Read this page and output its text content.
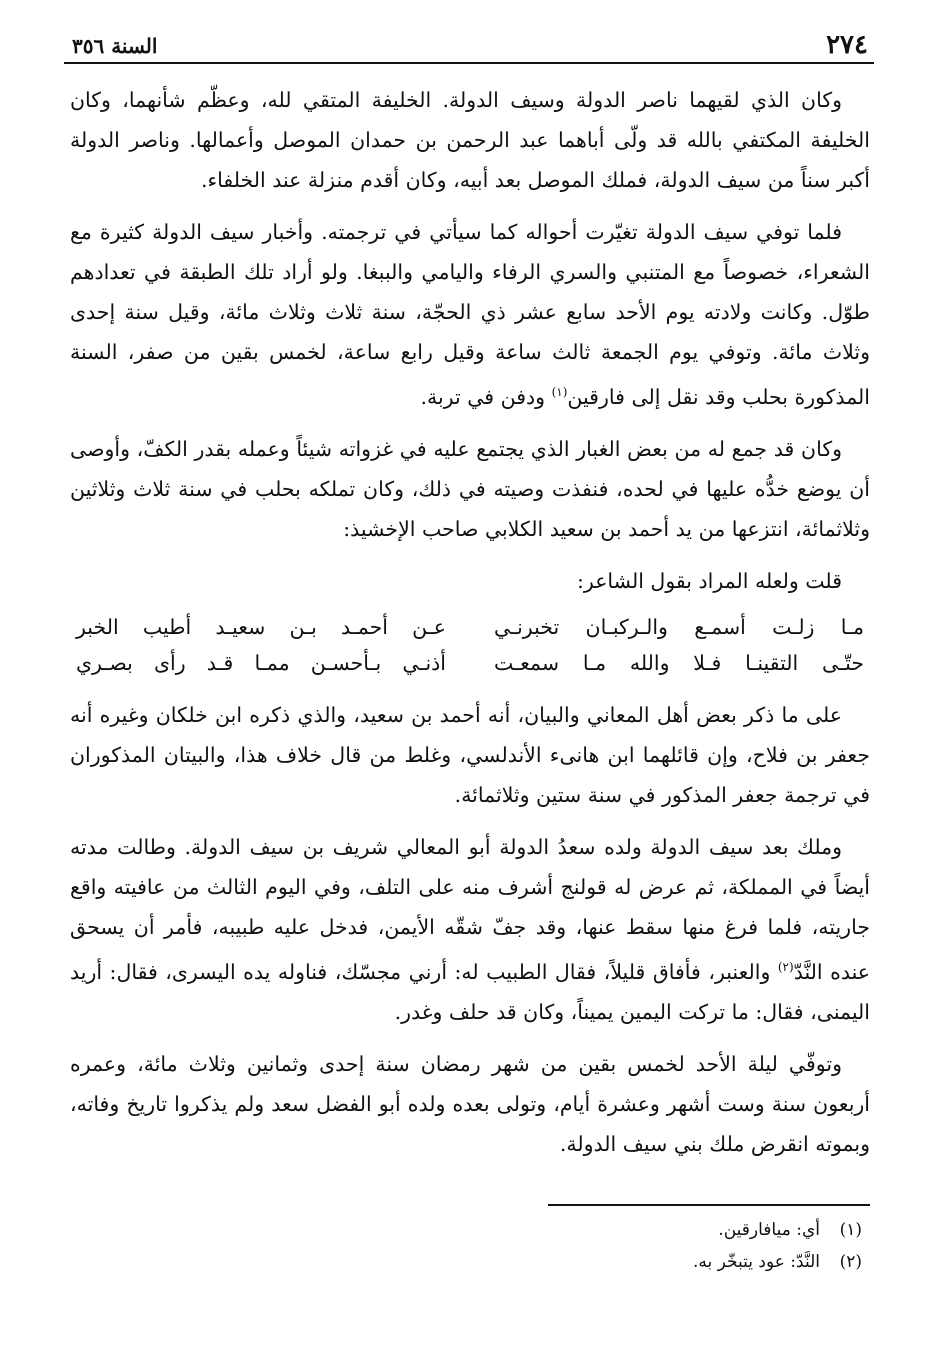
٢٧٤
السنة ٣٥٦

وكان الذي لقيهما ناصر الدولة وسيف الدولة. الخليفة المتقي لله، وعظّم شأنهما، وكان الخليفة المكتفي بالله قد ولّى أباهما عبد الرحمن بن حمدان الموصل وأعمالها. وناصر الدولة أكبر سناً من سيف الدولة، فملك الموصل بعد أبيه، وكان أقدم منزلة عند الخلفاء.

فلما توفي سيف الدولة تغيّرت أحواله كما سيأتي في ترجمته. وأخبار سيف الدولة كثيرة مع الشعراء، خصوصاً مع المتنبي والسري الرفاء واليامي والببغا. ولو أراد تلك الطبقة في تعدادهم طوّل. وكانت ولادته يوم الأحد سابع عشر ذي الحجّة، سنة ثلاث وثلاث مائة، وقيل سنة إحدى وثلاث مائة. وتوفي يوم الجمعة ثالث ساعة وقيل رابع ساعة، لخمس بقين من صفر، السنة المذكورة بحلب وقد نقل إلى فارقين$^{(١)}$ ودفن في تربة.

وكان قد جمع له من بعض الغبار الذي يجتمع عليه في غزواته شيئاً وعمله بقدر الكفّ، وأوصى أن يوضع خدُّه عليها في لحده، فنفذت وصيته في ذلك، وكان تملكه بحلب في سنة ثلاث وثلاثين وثلاثمائة، انتزعها من يد أحمد بن سعيد الكلابي صاحب الإخشيذ:

قلت ولعله المراد بقول الشاعر:

مـا زلـت أسمـع والـركبـان تخبرنـي
عـن أحمـد بـن سعيـد أطيب الخبر
حتّـى التقينـا فـلا والله مـا سمعـت
أذنـي بـأحسـن ممـا قـد رأى بصـري

على ما ذكر بعض أهل المعاني والبيان، أنه أحمد بن سعيد، والذي ذكره ابن خلكان وغيره أنه جعفر بن فلاح، وإن قائلهما ابن هانىء الأندلسي، وغلط من قال خلاف هذا، والبيتان المذكوران في ترجمة جعفر المذكور في سنة ستين وثلاثمائة.

وملك بعد سيف الدولة ولده سعدُ الدولة أبو المعالي شريف بن سيف الدولة. وطالت مدته أيضاً في المملكة، ثم عرض له قولنج أشرف منه على التلف، وفي اليوم الثالث من عافيته واقع جاريته، فلما فرغ منها سقط عنها، وقد جفّ شقّه الأيمن، فدخل عليه طبيبه، فأمر أن يسحق عنده النَّدّ$^{(٢)}$ والعنبر، فأفاق قليلاً، فقال الطبيب له: أرني مجسّك، فناوله يده اليسرى، فقال: أريد اليمنى، فقال: ما تركت اليمين يميناً، وكان قد حلف وغدر.

وتوفّي ليلة الأحد لخمس بقين من شهر رمضان سنة إحدى وثمانين وثلاث مائة، وعمره أربعون سنة وست أشهر وعشرة أيام، وتولى بعده ولده أبو الفضل سعد ولم يذكروا تاريخ وفاته، وبموته انقرض ملك بني سيف الدولة.

(١)
أي: ميافارقين.
(٢)
النَّدّ: عود يتبخّر به.
